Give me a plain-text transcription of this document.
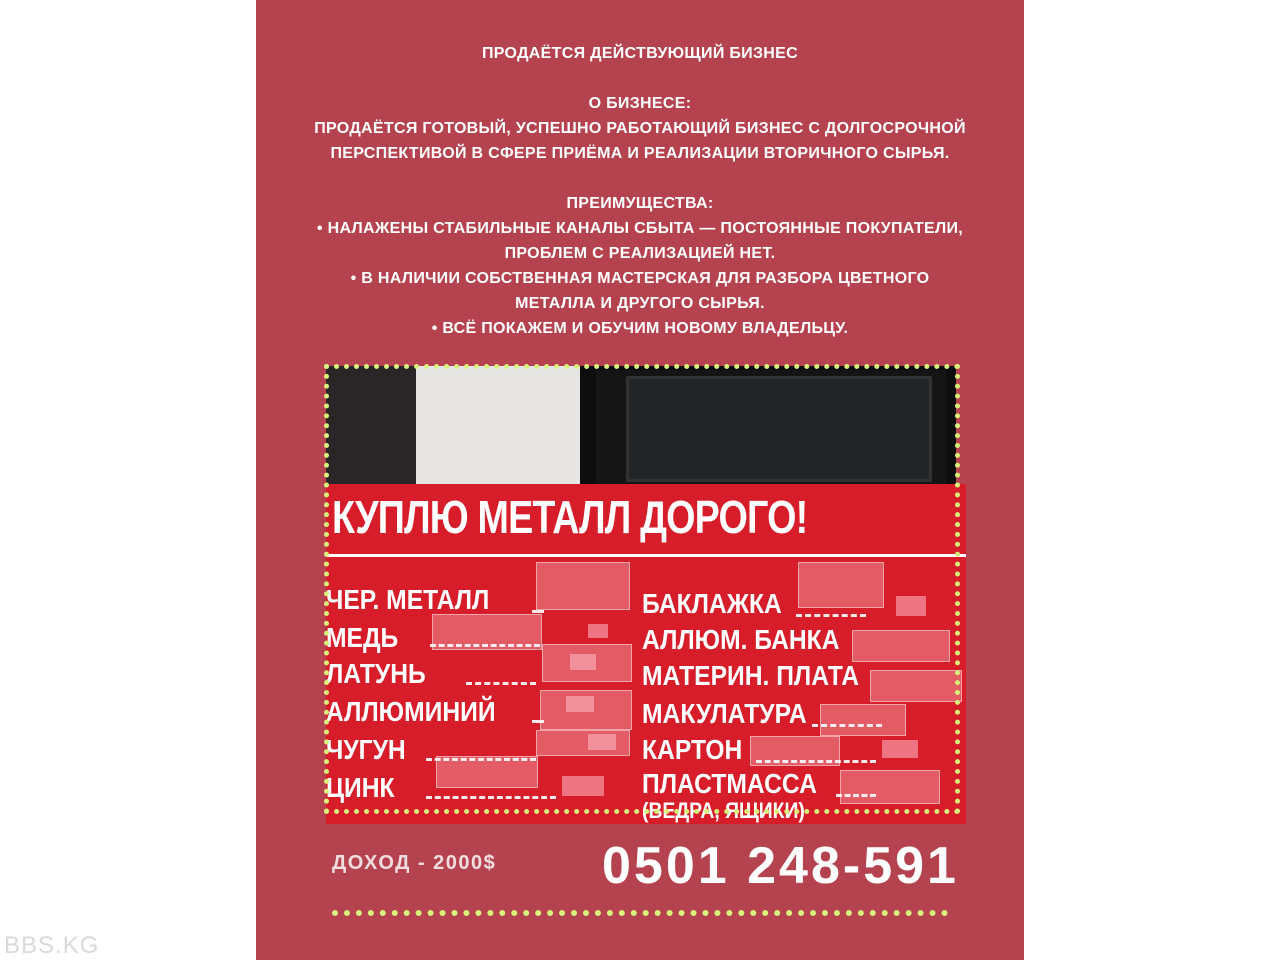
ПРОДАЁТСЯ ДЕЙСТВУЮЩИЙ БИЗНЕС
О БИЗНЕСЕ:
ПРОДАЁТСЯ ГОТОВЫЙ, УСПЕШНО РАБОТАЮЩИЙ БИЗНЕС С ДОЛГОСРОЧНОЙ
ПЕРСПЕКТИВОЙ В СФЕРЕ ПРИЁМА И РЕАЛИЗАЦИИ ВТОРИЧНОГО СЫРЬЯ.
ПРЕИМУЩЕСТВА:
• НАЛАЖЕНЫ СТАБИЛЬНЫЕ КАНАЛЫ СБЫТА — ПОСТОЯННЫЕ ПОКУПАТЕЛИ,
ПРОБЛЕМ С РЕАЛИЗАЦИЕЙ НЕТ.
• В НАЛИЧИИ СОБСТВЕННАЯ МАСТЕРСКАЯ ДЛЯ РАЗБОРА ЦВЕТНОГО
МЕТАЛЛА И ДРУГОГО СЫРЬЯ.
• ВСЁ ПОКАЖЕМ И ОБУЧИМ НОВОМУ ВЛАДЕЛЬЦУ.
КУПЛЮ МЕТАЛЛ ДОРОГО!
ЧЕР. МЕТАЛЛ
МЕДЬ
ЛАТУНЬ
АЛЛЮМИНИЙ
ЧУГУН
ЦИНК
БАКЛАЖКА
АЛЛЮМ. БАНКА
МАТЕРИН. ПЛАТА
МАКУЛАТУРА
КАРТОН
ПЛАСТМАССА
(ВЕДРА, ЯЩИКИ)
ДОХОД - 2000$ 0501 248-591
BBS.KG
